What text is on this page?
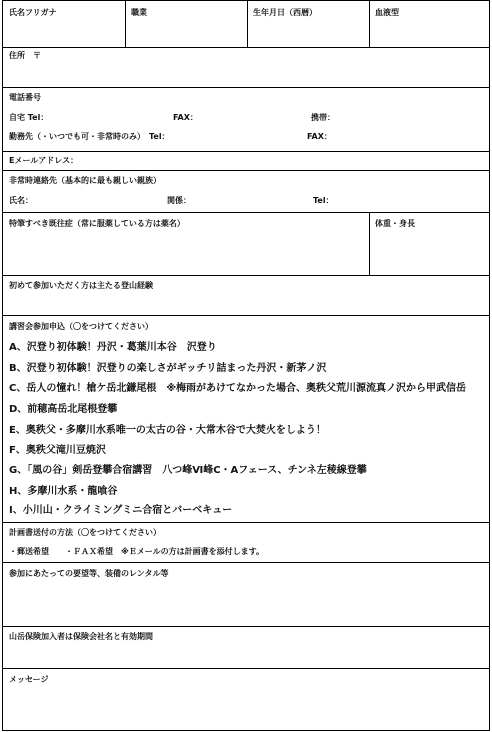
氏名フリガナ	職業	生年月日（西暦）	血液型
住所　〒
電話番号
自宅 Tel：	FAX：	携帯：
勤務先（・いつでも可・非常時のみ）　Tel：	FAX：
Eメールアドレス：
非常時連絡先（基本的に最も親しい親族）
氏名：	関係：	Tel：
特筆すべき既往症（常に服薬している方は薬名）	体重・身長
初めて参加いただく方は主たる登山経験
講習会参加申込（〇をつけてください）
A、沢登り初体験！丹沢・葛葉川本谷　沢登り
B、沢登り初体験！沢登りの楽しさがギッチリ詰まった丹沢・新茅ノ沢
C、岳人の憧れ！槍ケ岳北鎌尾根　※梅雨があけてなかった場合、奥秩父荒川源流真ノ沢から甲武信岳
D、前穂高岳北尾根登攀
E、奥秩父・多摩川水系唯一の太古の谷・大常木谷で大焚火をしよう！
F、奥秩父滝川豆焼沢
G、「風の谷」剣岳登攀合宿講習　八つ峰Ⅵ峰C・Aフェース、チンネ左稜線登攀
H、多摩川水系・龍喰谷
I、小川山・クライミングミニ合宿とバーベキュー
計画書送付の方法（〇をつけてください）
・郵送希望　　・ＦＡＸ希望　※Ｅメールの方は計画書を添付します。
参加にあたっての要望等、装備のレンタル等
山岳保険加入者は保険会社名と有効期間
メッセージ
